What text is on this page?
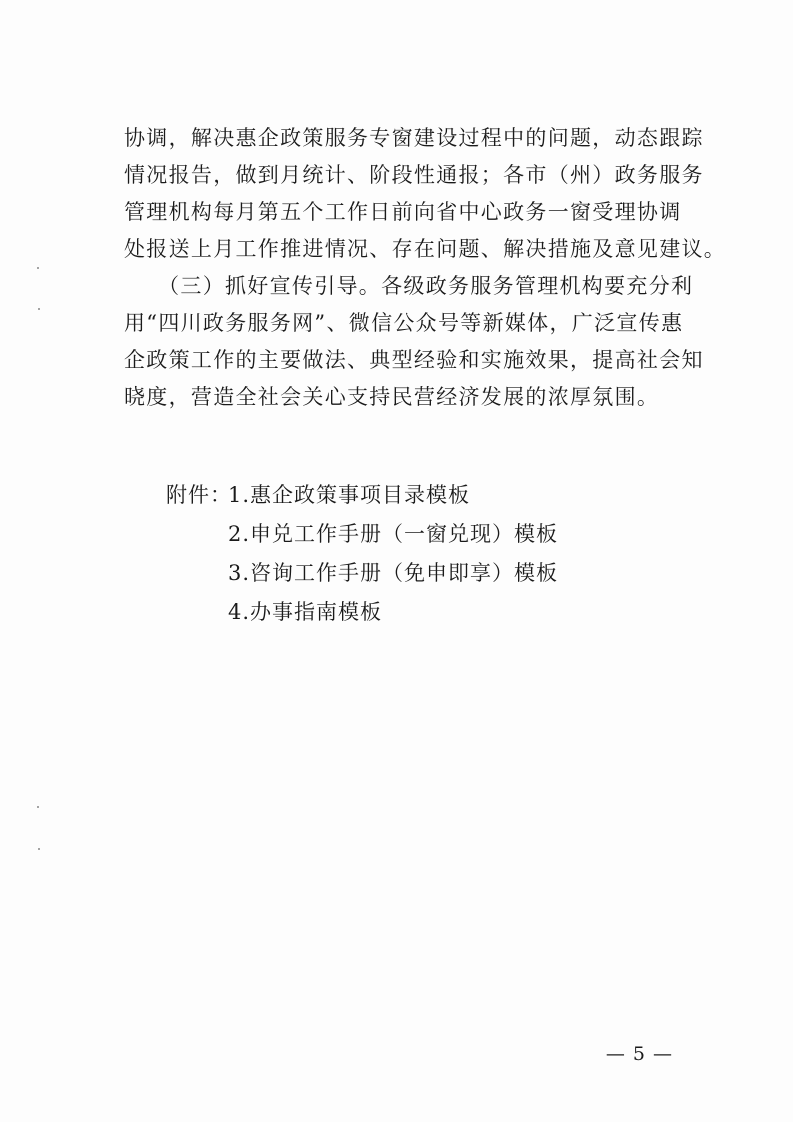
协调，解决惠企政策服务专窗建设过程中的问题，动态跟踪
情况报告，做到月统计、阶段性通报；各市（州）政务服务
管理机构每月第五个工作日前向省中心政务一窗受理协调
处报送上月工作推进情况、存在问题、解决措施及意见建议。
　　（三）抓好宣传引导。各级政务服务管理机构要充分利
用“四川政务服务网”、微信公众号等新媒体，广泛宣传惠
企政策工作的主要做法、典型经验和实施效果，提高社会知
晓度，营造全社会关心支持民营经济发展的浓厚氛围。
附件：1.惠企政策事项目录模板
2.申兑工作手册（一窗兑现）模板
3.咨询工作手册（免申即享）模板
4.办事指南模板
— 5 —
